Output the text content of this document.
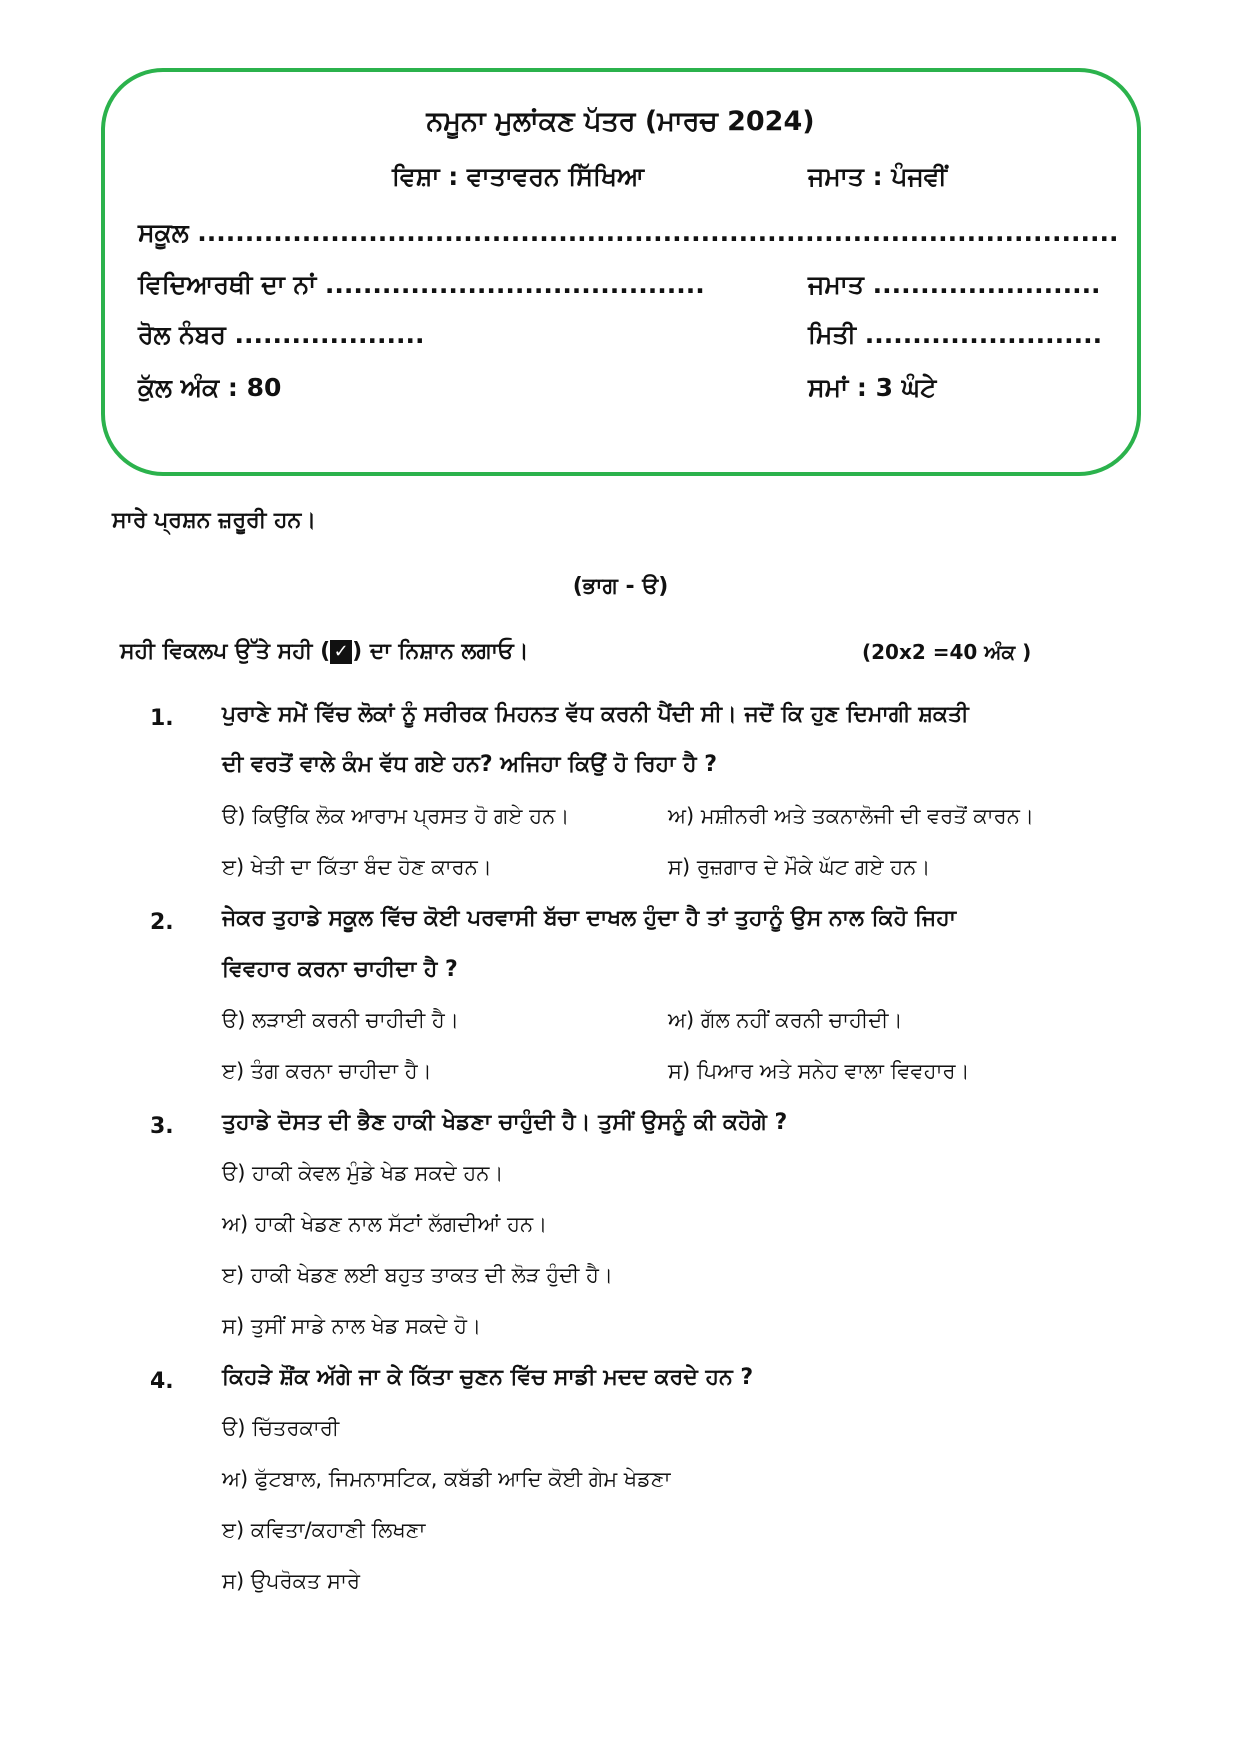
ਨਮੂਨਾ ਮੁਲਾਂਕਣ ਪੱਤਰ (ਮਾਰਚ 2024)
ਵਿਸ਼ਾ : ਵਾਤਾਵਰਨ ਸਿੱਖਿਆ	ਜਮਾਤ : ਪੰਜਵੀਂ
ਸਕੂਲ .................................................................................................
ਵਿਦਿਆਰਥੀ ਦਾ ਨਾਂ ........................................	ਜਮਾਤ ........................
ਰੋਲ ਨੰਬਰ ....................	ਮਿਤੀ .........................
ਕੁੱਲ ਅੰਕ : 80	ਸਮਾਂ : 3 ਘੰਟੇ
ਸਾਰੇ ਪ੍ਰਸ਼ਨ ਜ਼ਰੂਰੀ ਹਨ।
(ਭਾਗ - ੳ)
ਸਹੀ ਵਿਕਲਪ ਉੱਤੇ ਸਹੀ ( ✓ ) ਦਾ ਨਿਸ਼ਾਨ ਲਗਾਓ।	(20x2 =40 ਅੰਕ )
1. ਪੁਰਾਣੇ ਸਮੇਂ ਵਿੱਚ ਲੋਕਾਂ ਨੂੰ ਸਰੀਰਕ ਮਿਹਨਤ ਵੱਧ ਕਰਨੀ ਪੈਂਦੀ ਸੀ। ਜਦੋਂ ਕਿ ਹੁਣ ਦਿਮਾਗੀ ਸ਼ਕਤੀ
ਦੀ ਵਰਤੋਂ ਵਾਲੇ ਕੰਮ ਵੱਧ ਗਏ ਹਨ? ਅਜਿਹਾ ਕਿਉਂ ਹੋ ਰਿਹਾ ਹੈ ?
ੳ) ਕਿਉਂਕਿ ਲੋਕ ਆਰਾਮ ਪ੍ਰਸਤ ਹੋ ਗਏ ਹਨ।	ਅ) ਮਸ਼ੀਨਰੀ ਅਤੇ ਤਕਨਾਲੋਜੀ ਦੀ ਵਰਤੋਂ ਕਾਰਨ।
ੲ) ਖੇਤੀ ਦਾ ਕਿੱਤਾ ਬੰਦ ਹੋਣ ਕਾਰਨ।	ਸ) ਰੁਜ਼ਗਾਰ ਦੇ ਮੌਕੇ ਘੱਟ ਗਏ ਹਨ।
2. ਜੇਕਰ ਤੁਹਾਡੇ ਸਕੂਲ ਵਿੱਚ ਕੋਈ ਪਰਵਾਸੀ ਬੱਚਾ ਦਾਖਲ ਹੁੰਦਾ ਹੈ ਤਾਂ ਤੁਹਾਨੂੰ ਉਸ ਨਾਲ ਕਿਹੋ ਜਿਹਾ
ਵਿਵਹਾਰ ਕਰਨਾ ਚਾਹੀਦਾ ਹੈ ?
ੳ) ਲੜਾਈ ਕਰਨੀ ਚਾਹੀਦੀ ਹੈ।	ਅ) ਗੱਲ ਨਹੀਂ ਕਰਨੀ ਚਾਹੀਦੀ।
ੲ) ਤੰਗ ਕਰਨਾ ਚਾਹੀਦਾ ਹੈ।	ਸ) ਪਿਆਰ ਅਤੇ ਸਨੇਹ ਵਾਲਾ ਵਿਵਹਾਰ।
3. ਤੁਹਾਡੇ ਦੋਸਤ ਦੀ ਭੈਣ ਹਾਕੀ ਖੇਡਣਾ ਚਾਹੁੰਦੀ ਹੈ। ਤੁਸੀਂ ਉਸਨੂੰ ਕੀ ਕਹੋਗੇ ?
ੳ) ਹਾਕੀ ਕੇਵਲ ਮੁੰਡੇ ਖੇਡ ਸਕਦੇ ਹਨ।
ਅ) ਹਾਕੀ ਖੇਡਣ ਨਾਲ ਸੱਟਾਂ ਲੱਗਦੀਆਂ ਹਨ।
ੲ) ਹਾਕੀ ਖੇਡਣ ਲਈ ਬਹੁਤ ਤਾਕਤ ਦੀ ਲੋੜ ਹੁੰਦੀ ਹੈ।
ਸ) ਤੁਸੀਂ ਸਾਡੇ ਨਾਲ ਖੇਡ ਸਕਦੇ ਹੋ।
4. ਕਿਹੜੇ ਸ਼ੌਂਕ ਅੱਗੇ ਜਾ ਕੇ ਕਿੱਤਾ ਚੁਣਨ ਵਿੱਚ ਸਾਡੀ ਮਦਦ ਕਰਦੇ ਹਨ ?
ੳ) ਚਿੱਤਰਕਾਰੀ
ਅ) ਫੁੱਟਬਾਲ, ਜਿਮਨਾਸਟਿਕ, ਕਬੱਡੀ ਆਦਿ ਕੋਈ ਗੇਮ ਖੇਡਣਾ
ੲ) ਕਵਿਤਾ/ਕਹਾਣੀ ਲਿਖਣਾ
ਸ) ਉਪਰੋਕਤ ਸਾਰੇ
